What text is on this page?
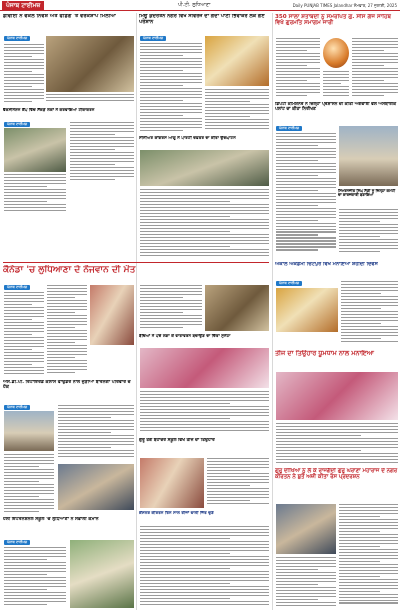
ਪੰਜਾਬ ਟਾਈਮਜ਼	ਪੀ.ਟੀ. ਲੁਧਿਆਣਾ	Daily PUNJAB TIMES Jalandhar ਸੋਮਵਾਰ, 27 ਜੁਲਾਈ, 2025
ਡੀਵੀਈ ਨੇ ਵੋਕਲ ਨਿਵੇਸ਼ ਅਤੇ ਫੰਡਿੰਗ 'ਤੇ ਵਰਕਸ਼ਾਪ ਮਿਲੀਆ
ਪੰਜਾਬ ਟਾਈਮਜ਼
ਵੈਕਸੀਨੇਸ਼ਨ ਕੈਂਪ ਵਿੱਚ ਸੈਂਕੜੇ ਲੋਕਾਂ ਨੇ ਕਰਵਾਇਆ ਟੀਕਾਕਰਨ
ਪੰਜਾਬ ਟਾਈਮਜ਼
ਕੈਨੇਡਾ 'ਚ ਲੁਧਿਆਣਾ ਦੇ ਨੌਜਵਾਨ ਦੀ ਮੌਤ
ਪੰਜਾਬ ਟਾਈਮਜ਼
ਐਸ.ਡੀ.ਪੀ. ਰਿਟਾਇਰਡ ਕਲਾਸ ਫਾਉਂਡਰ ਨਾਲ ਜੁੜੀਆਂ ਬਾਰਨਗਾ ਪਰਿਵਾਰ ਦੇ ਹੱਕ
ਪੰਜਾਬ ਟਾਈਮਜ਼
ਹੋਲੀ ਇੰਟਰਨੈਸ਼ਨਲ ਸਕੂਲ 'ਚ ਲੁਧਿਆਣਾ ਨੇ ਸੰਭਾਲੀ ਕਮਾਨ
ਪੰਜਾਬ ਟਾਈਮਜ਼
ਮਿਊਂ ਕੁਦਰਤਨ ਨਗਰ ਵਿਖੇ ਸੀਵਰੇਜ ਦਾ ਗੰਦਾ ਪਾਣੀ ਭਿਵਾਕਰ ਲੋਕ ਗਏ ਪਰੇਸ਼ਾਨ
ਪੰਜਾਬ ਟਾਈਮਜ਼
ਸੀਨੀਅਰ ਕਾਂਗਰਸ ਆਗੂ ਨੇ ਪਾਰਟੀ ਦਫ਼ਤਰ ਦਾ ਕੀਤਾ ਉਦਘਾਟਨ
ਬੱਚਿਆਂ ਨੇ ਪੌਦੇ ਲਗਾ ਕੇ ਵਾਤਾਵਰਨ ਬਚਾਉਣ ਦਾ ਦਿੱਤਾ ਸੁਨੇਹਾ
ਗੁਰੂ ਤੇਗ ਬਹਾਦਰ ਸਕੂਲ ਵਿਖੇ ਤੀਜ ਦਾ ਤਿਉਹਾਰ
ਕੌਂਸਲਰ ਕੀਰਤਨ ਤਿੰਨ ਸਾਲ ਤੀਜਾਂ ਵਾਲੀ ਜਿੱਤ ਚੁਣੇ
350 ਸਾਲਾ ਸ਼ਤਾਬਦੀ ਨੂੰ ਸਮਰਪਿਤ ਗੁ. ਸੀਸ ਗੰਜ ਸਾਹਿਬ ਵਿਖੇ ਗੁਰਮਤਿ ਸਮਾਗਮ ਜਾਰੀ
ਡਿਪਟੀ ਕਮਿਸ਼ਨਰ ਨੇ ਜ਼ਿਲ੍ਹਾ ਪ੍ਰਸ਼ਾਸਨ ਦੀ ਕੀਤੀ ਅਗਵਾਈ ਵੱਲੋਂ ਅਸਥਾਈਕ ਪਲਾਂਟ ਦਾ ਕੀਤਾ ਨਿਰੀਖਣ
ਪੰਜਾਬ ਟਾਈਮਜ਼
ਸਿਮਰਨਜੀਤ ਸਿੰਘ ਸੈਣੀ ਨੂੰ ਜ਼ਿਲ੍ਹਾ ਕਮੇਟੀ ਦਾ ਕਾਰਜਕਾਰੀ ਬਣਾਇਆ
ਅਕਾਲ ਅਕੈਡਮੀ ਚਿੱਟੇਪੁਰ ਵਿਖੇ ਮਨਾਇਆ ਸ਼ਹੀਦੀ ਦਿਵਸ
ਪੰਜਾਬ ਟਾਈਮਜ਼
ਤੀਜ ਦਾ ਤਿਉਹਾਰ ਧੂਮਧਾਮ ਨਾਲ ਮਨਾਇਆ
ਗੁਰੂ ਦੀਖਿਆ ਨੂੰ ਲੈ ਕੇ ਰਾਜਗੱਦੀ ਗੁਰੂ ਘਰਾਣਾ ਮਹਾਰਾਜ ਦੇ ਨਗਰ ਕੀਰਤਨ ਨੇ ਬੁਤੇ ਅਜ਼ੀ ਕੀਤਾ ਰੋਸ ਪ੍ਰਦਰਸ਼ਨ
